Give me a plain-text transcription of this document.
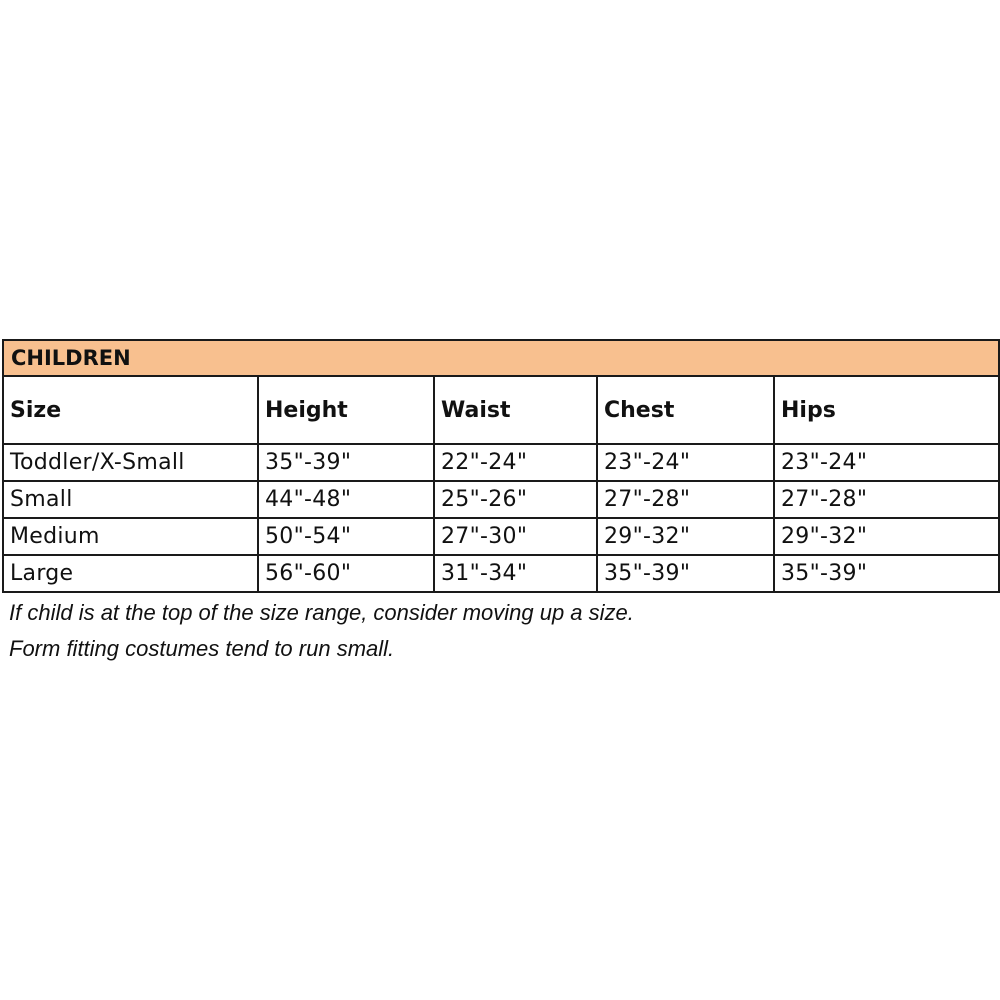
CHILDREN				
Size	Height	Waist	Chest	Hips
Toddler/X-Small	35"-39"	22"-24"	23"-24"	23"-24"
Small	44"-48"	25"-26"	27"-28"	27"-28"
Medium	50"-54"	27"-30"	29"-32"	29"-32"
Large	56"-60"	31"-34"	35"-39"	35"-39"
If child is at the top of the size range, consider moving up a size.
Form fitting costumes tend to run small.
